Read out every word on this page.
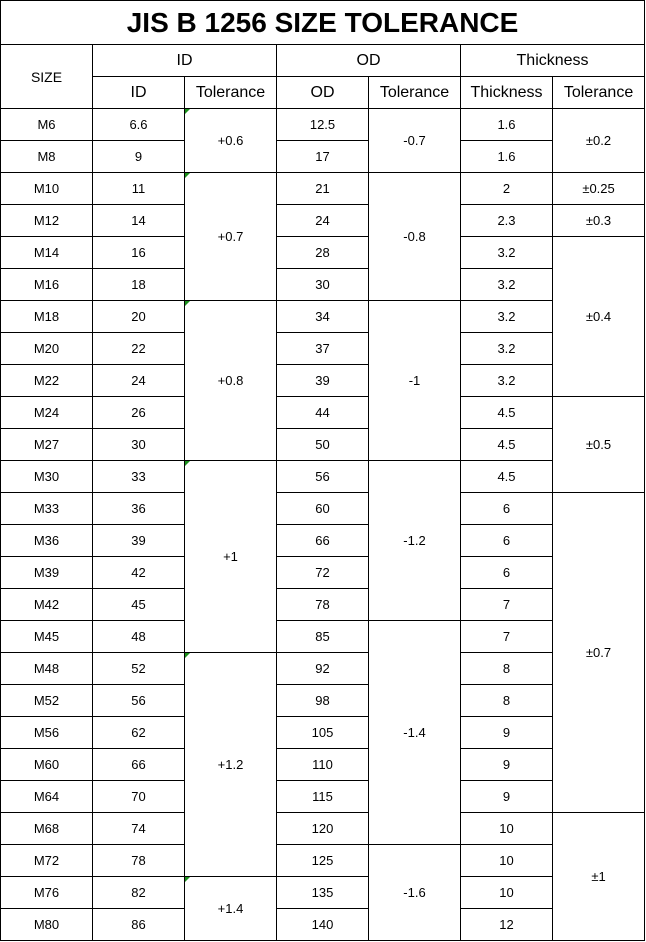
JIS B 1256 SIZE TOLERANCE						
SIZE	ID		OD		Thickness	
	ID	Tolerance	OD	Tolerance	Thickness	Tolerance
M6	6.6	+0.6	12.5	-0.7	1.6	±0.2
M8	9		17		1.6	
M10	11	+0.7	21	-0.8	2	±0.25
M12	14		24		2.3	±0.3
M14	16		28		3.2	±0.4
M16	18		30		3.2	
M18	20	+0.8	34	-1	3.2	
M20	22		37		3.2	
M22	24		39		3.2	
M24	26		44		4.5	±0.5
M27	30		50		4.5	
M30	33	+1	56	-1.2	4.5	
M33	36		60		6	±0.7
M36	39		66		6	
M39	42		72		6	
M42	45		78		7	
M45	48		85	-1.4	7	
M48	52	+1.2	92		8	
M52	56		98		8	
M56	62		105		9	
M60	66		110		9	
M64	70		115		9	
M68	74		120		10	±1
M72	78		125	-1.6	10	
M76	82	+1.4	135		10	
M80	86		140		12	
